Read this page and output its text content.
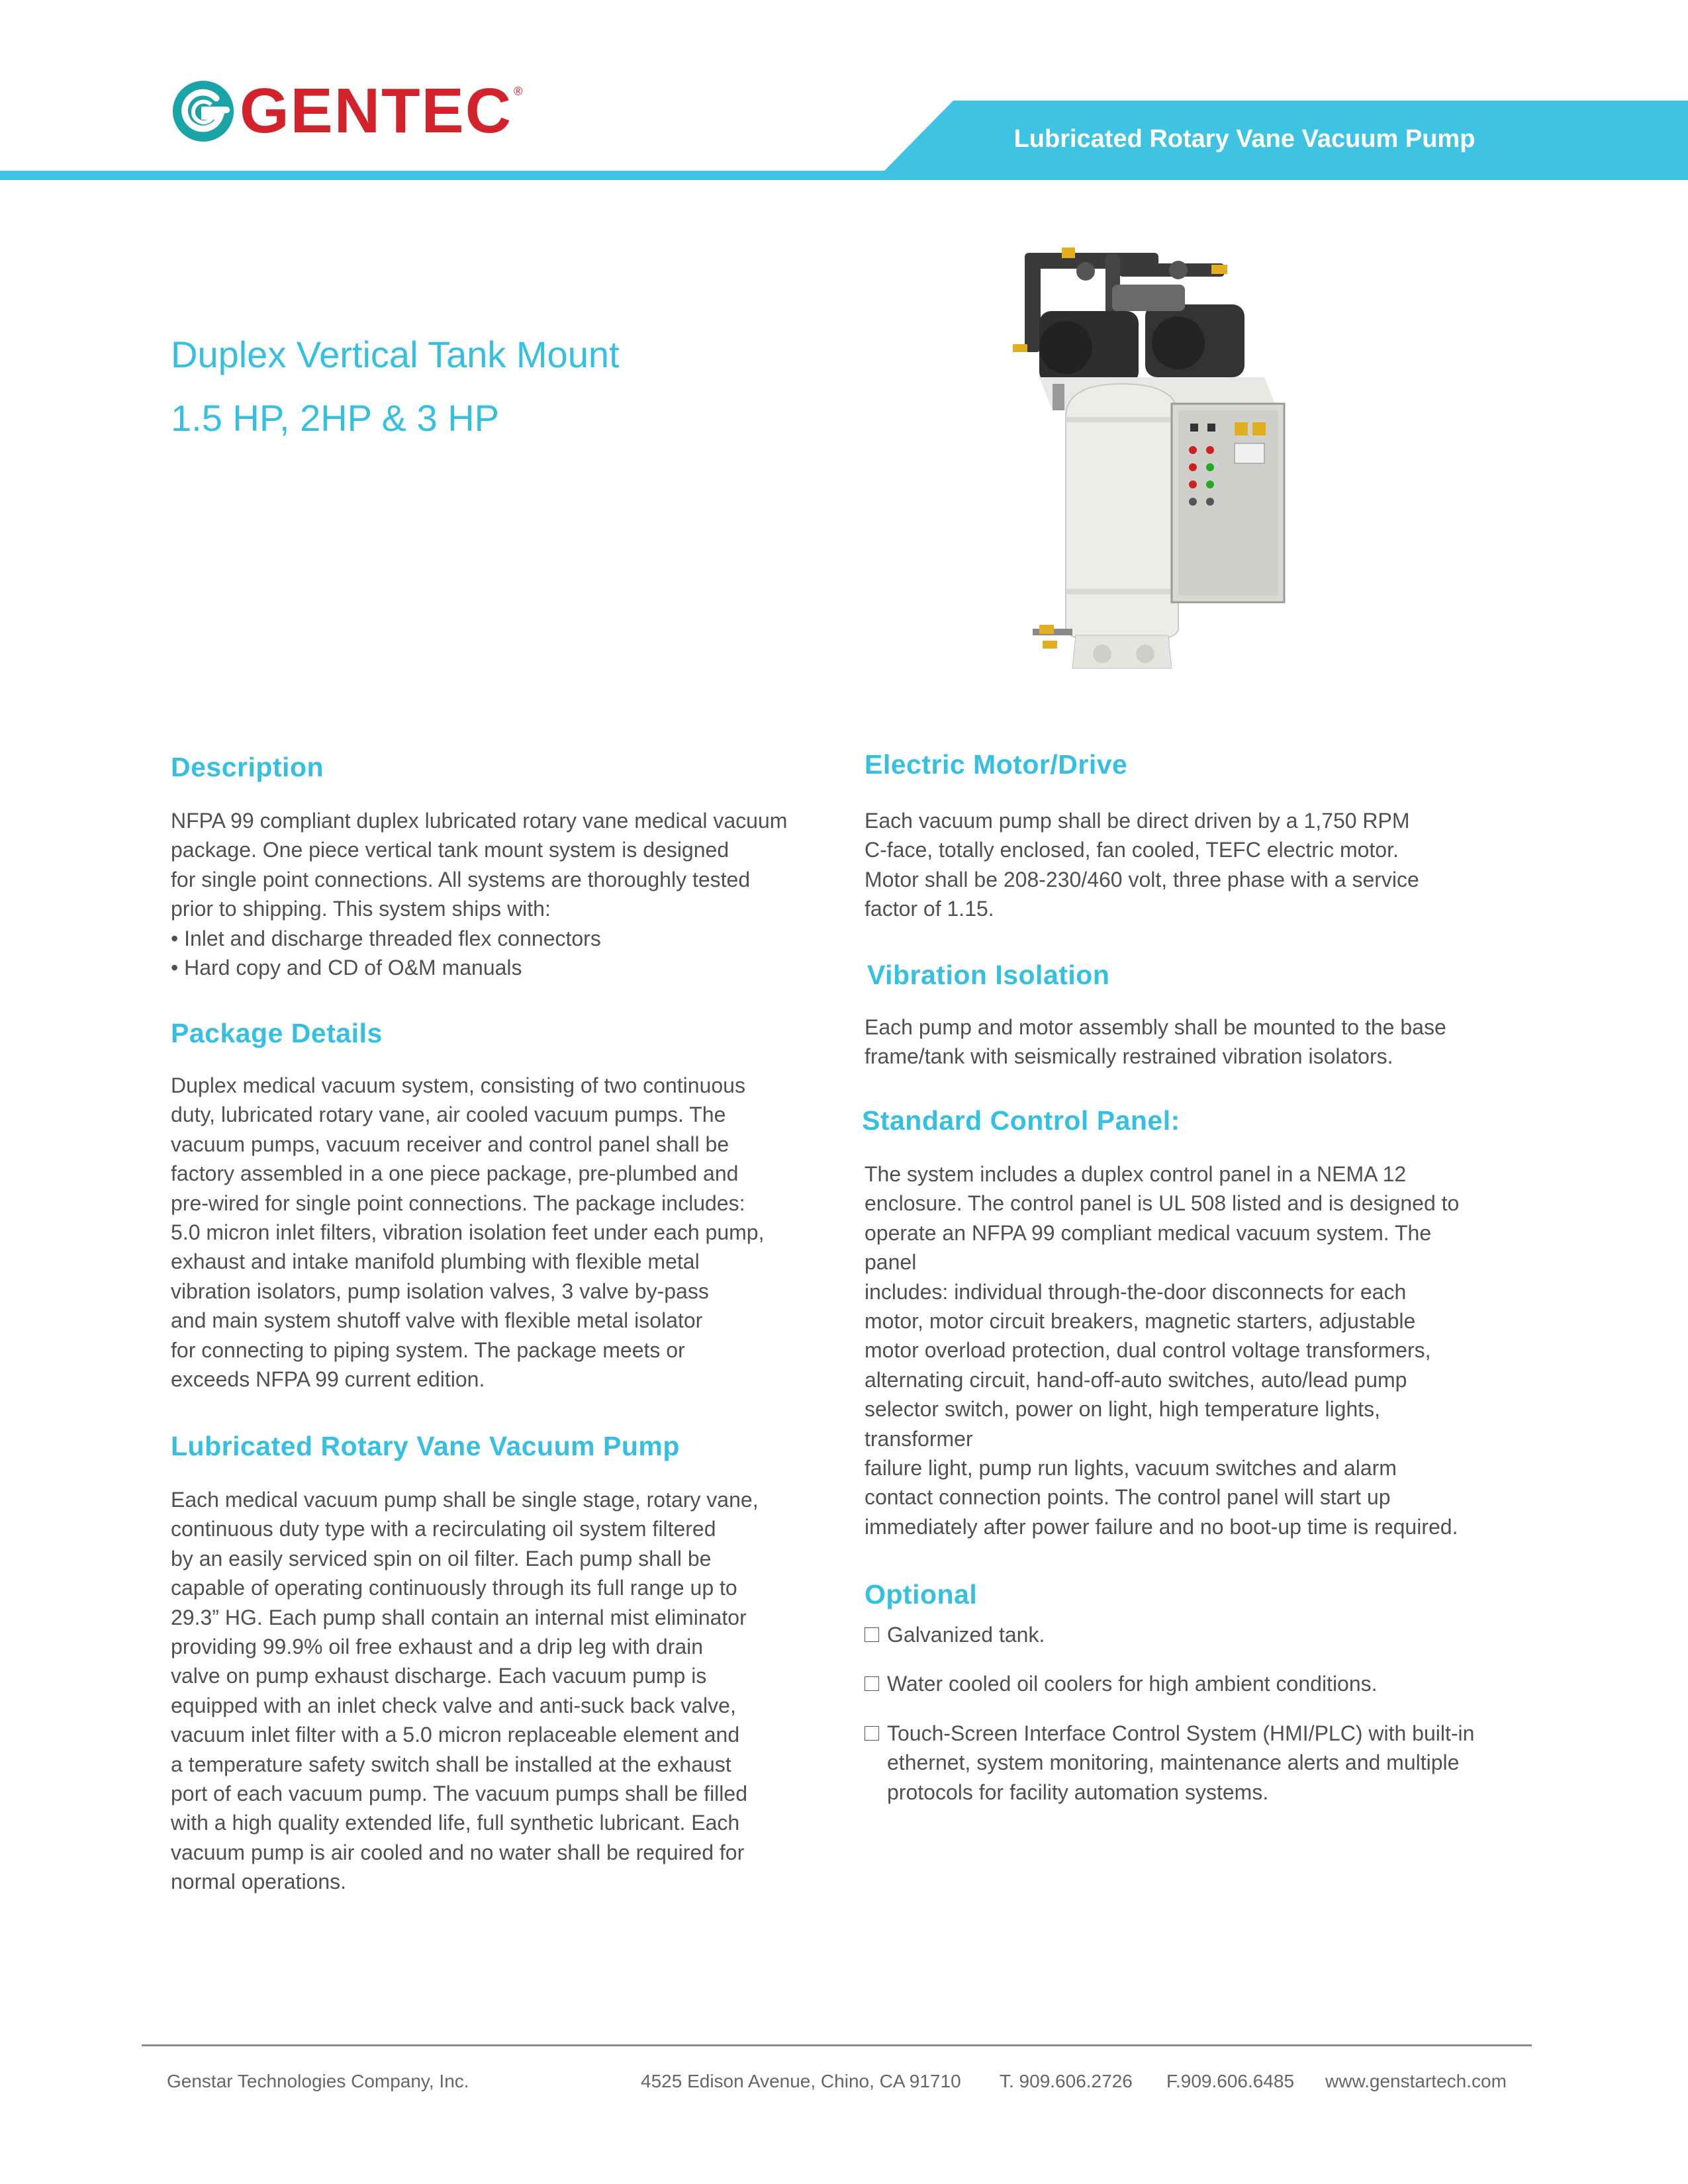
GENTEC ®
Lubricated Rotary Vane Vacuum Pump
Duplex Vertical Tank Mount
1.5 HP, 2HP & 3 HP
Description
NFPA 99 compliant duplex lubricated rotary vane medical vacuum
package. One piece vertical tank mount system is designed
for single point connections. All systems are thoroughly tested
prior to shipping. This system ships with:
• Inlet and discharge threaded flex connectors
• Hard copy and CD of O&M manuals
Package Details
Duplex medical vacuum system, consisting of two continuous
duty, lubricated rotary vane, air cooled vacuum pumps. The
vacuum pumps, vacuum receiver and control panel shall be
factory assembled in a one piece package, pre-plumbed and
pre-wired for single point connections. The package includes:
5.0 micron inlet filters, vibration isolation feet under each pump,
exhaust and intake manifold plumbing with flexible metal
vibration isolators, pump isolation valves, 3 valve by-pass
and main system shutoff valve with flexible metal isolator
for connecting to piping system. The package meets or
exceeds NFPA 99 current edition.
Lubricated Rotary Vane Vacuum Pump
Each medical vacuum pump shall be single stage, rotary vane,
continuous duty type with a recirculating oil system filtered
by an easily serviced spin on oil filter. Each pump shall be
capable of operating continuously through its full range up to
29.3” HG. Each pump shall contain an internal mist eliminator
providing 99.9% oil free exhaust and a drip leg with drain
valve on pump exhaust discharge. Each vacuum pump is
equipped with an inlet check valve and anti-suck back valve,
vacuum inlet filter with a 5.0 micron replaceable element and
a temperature safety switch shall be installed at the exhaust
port of each vacuum pump. The vacuum pumps shall be filled
with a high quality extended life, full synthetic lubricant. Each
vacuum pump is air cooled and no water shall be required for
normal operations.
Electric Motor/Drive
Each vacuum pump shall be direct driven by a 1,750 RPM
C-face, totally enclosed, fan cooled, TEFC electric motor.
Motor shall be 208-230/460 volt, three phase with a service
factor of 1.15.
Vibration Isolation
Each pump and motor assembly shall be mounted to the base
frame/tank with seismically restrained vibration isolators.
Standard Control Panel:
The system includes a duplex control panel in a NEMA 12
enclosure. The control panel is UL 508 listed and is designed to
operate an NFPA 99 compliant medical vacuum system. The
panel
includes: individual through-the-door disconnects for each
motor, motor circuit breakers, magnetic starters, adjustable
motor overload protection, dual control voltage transformers,
alternating circuit, hand-off-auto switches, auto/lead pump
selector switch, power on light, high temperature lights,
transformer
failure light, pump run lights, vacuum switches and alarm
contact connection points. The control panel will start up
immediately after power failure and no boot-up time is required.
Optional
Galvanized tank.
Water cooled oil coolers for high ambient conditions.
Touch-Screen Interface Control System (HMI/PLC) with built-in
ethernet, system monitoring, maintenance alerts and multiple
protocols for facility automation systems.
Genstar Technologies Company, Inc.	4525 Edison Avenue, Chino, CA 91710 T. 909.606.2726 F.909.606.6485 www.genstartech.com
